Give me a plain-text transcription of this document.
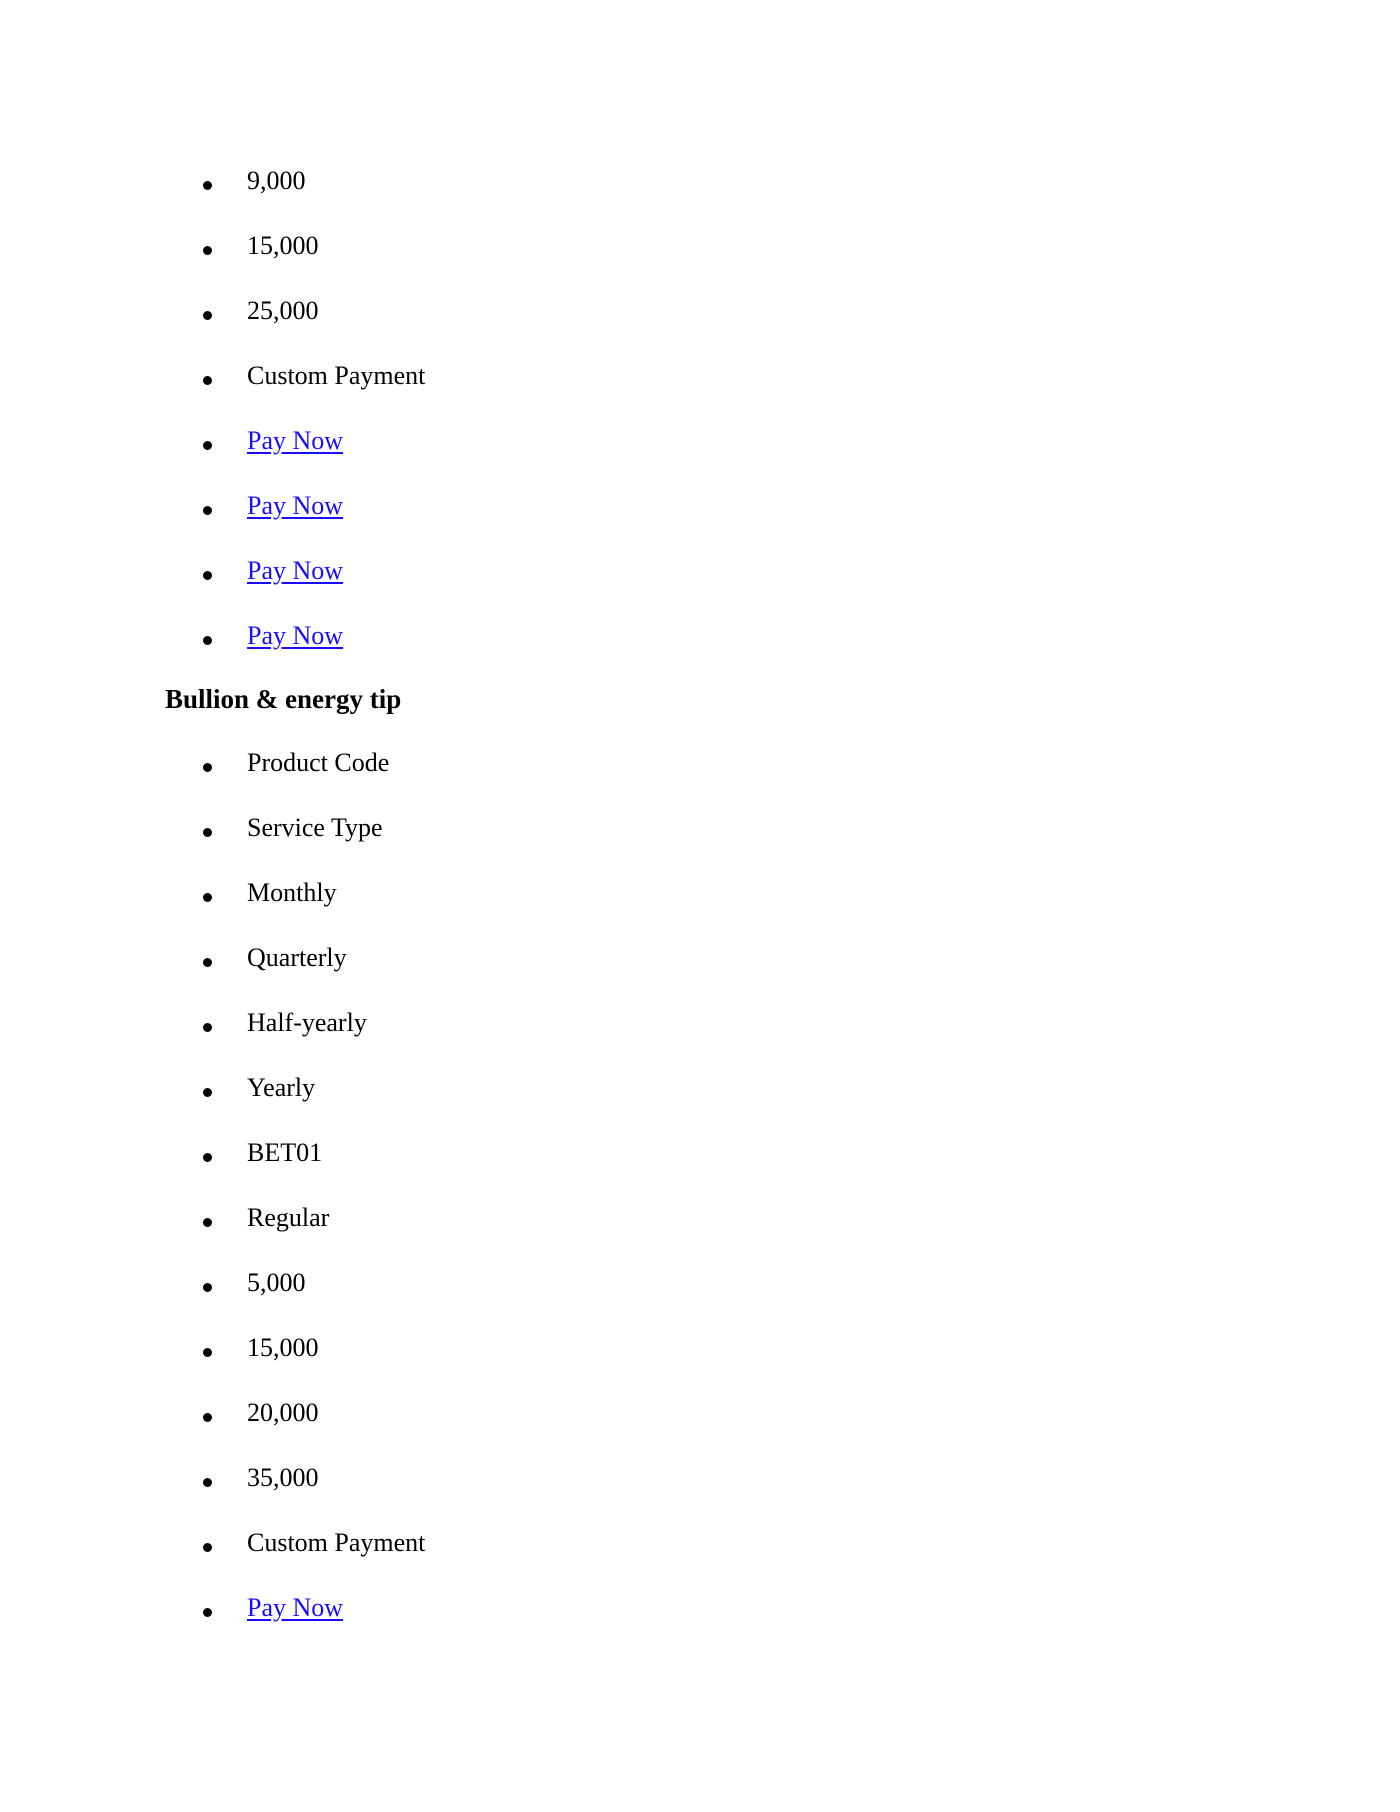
9,000
15,000
25,000
Custom Payment
Pay Now
Pay Now
Pay Now
Pay Now
Bullion & energy tip
Product Code
Service Type
Monthly
Quarterly
Half-yearly
Yearly
BET01
Regular
5,000
15,000
20,000
35,000
Custom Payment
Pay Now
